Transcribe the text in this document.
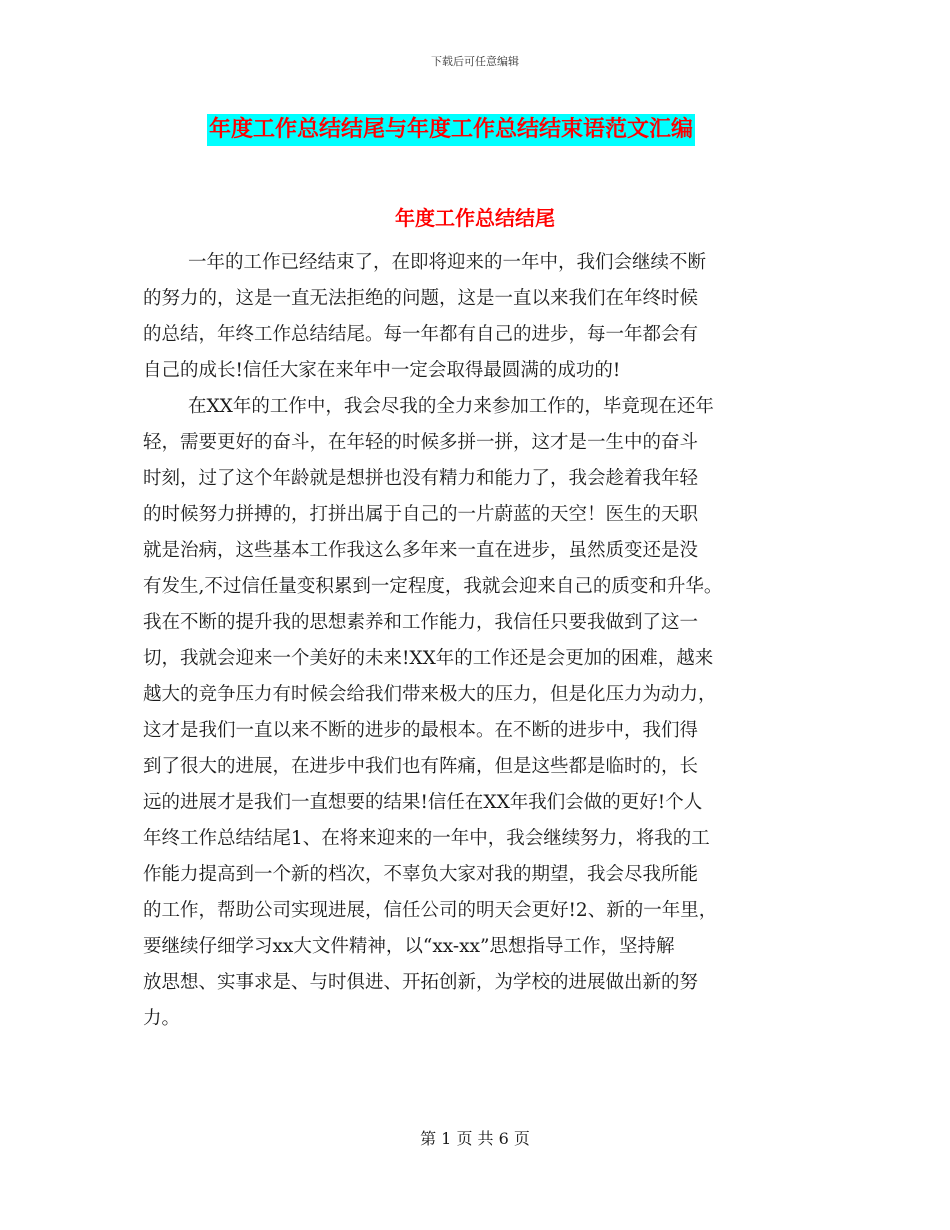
下载后可任意编辑
年度工作总结结尾与年度工作总结结束语范文汇编
年度工作总结结尾
一年的工作已经结束了，在即将迎来的一年中，我们会继续不断
的努力的，这是一直无法拒绝的问题，这是一直以来我们在年终时候
的总结，年终工作总结结尾。每一年都有自己的进步，每一年都会有
自己的成长!信任大家在来年中一定会取得最圆满的成功的!
在XX年的工作中，我会尽我的全力来参加工作的，毕竟现在还年
轻，需要更好的奋斗，在年轻的时候多拼一拼，这才是一生中的奋斗
时刻，过了这个年龄就是想拼也没有精力和能力了，我会趁着我年轻
的时候努力拼搏的，打拼出属于自己的一片蔚蓝的天空！医生的天职
就是治病，这些基本工作我这么多年来一直在进步，虽然质变还是没
有发生,不过信任量变积累到一定程度，我就会迎来自己的质变和升华。
我在不断的提升我的思想素养和工作能力，我信任只要我做到了这一
切，我就会迎来一个美好的未来!XX年的工作还是会更加的困难，越来
越大的竞争压力有时候会给我们带来极大的压力，但是化压力为动力，
这才是我们一直以来不断的进步的最根本。在不断的进步中，我们得
到了很大的进展，在进步中我们也有阵痛，但是这些都是临时的，长
远的进展才是我们一直想要的结果!信任在XX年我们会做的更好!个人
年终工作总结结尾1、在将来迎来的一年中，我会继续努力，将我的工
作能力提高到一个新的档次，不辜负大家对我的期望，我会尽我所能
的工作，帮助公司实现进展，信任公司的明天会更好!2、新的一年里，
要继续仔细学习xx大文件精神，以“xx-xx”思想指导工作，坚持解
放思想、实事求是、与时俱进、开拓创新，为学校的进展做出新的努
力。
第 1 页 共 6 页
